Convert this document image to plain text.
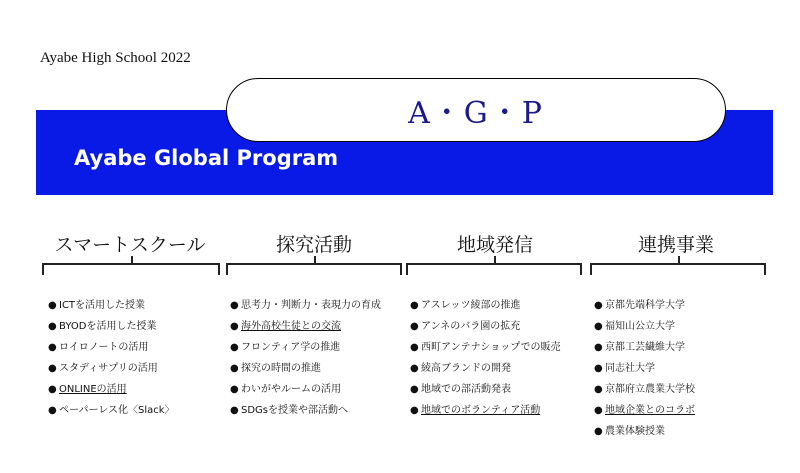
Ayabe High School 2022
Ayabe Global Program
A・G・P
スマートスクール	探究活動	地域発信	連携事業
● ICTを活用した授業
● BYODを活用した授業
● ロイロノートの活用
● スタディサプリの活用
● ONLINEの活用
● ペーパーレス化〈Slack〉
● 思考力・判断力・表現力の育成
● 海外高校生徒との交流
● フロンティア学の推進
● 探究の時間の推進
● わいがやルームの活用
● SDGsを授業や部活動へ
● アスレッツ綾部の推進
● アンネのバラ園の拡充
● 西町アンテナショップでの販売
● 綾高ブランドの開発
● 地域での部活動発表
● 地域でのボランティア活動
● 京都先端科学大学
● 福知山公立大学
● 京都工芸繊維大学
● 同志社大学
● 京都府立農業大学校
● 地域企業とのコラボ
● 農業体験授業
